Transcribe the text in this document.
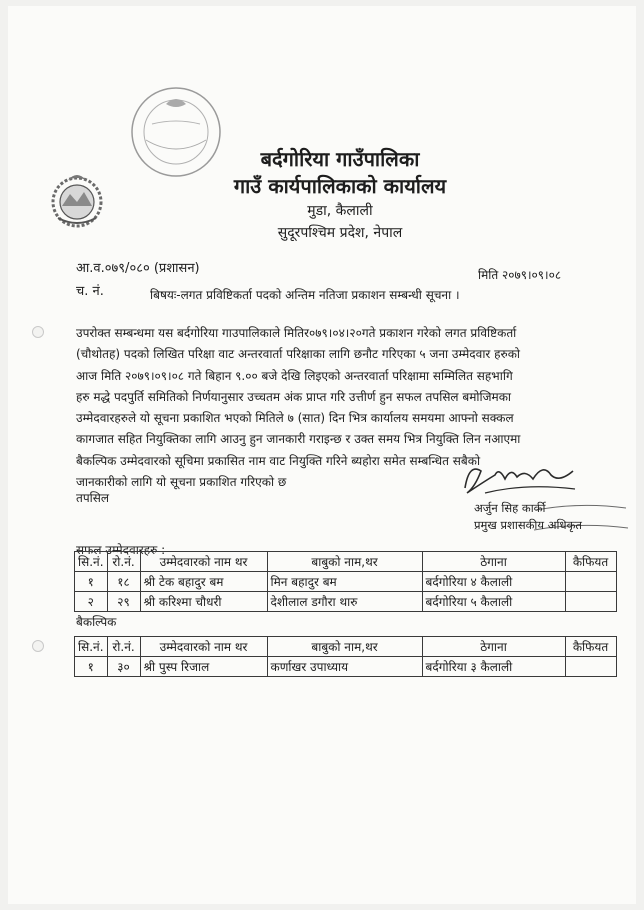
बर्दगोरिया गाउँपालिका
गाउँ कार्यपालिकाको कार्यालय
मुडा, कैलाली
सुदूरपश्चिम प्रदेश, नेपाल
आ.व.०७९/०८० (प्रशासन)
च. नं.
मिति २०७९।०९।०८
बिषयः-लगत प्रविष्टिकर्ता पदको अन्तिम नतिजा प्रकाशन सम्बन्धी सूचना ।
उपरोक्त सम्बन्धमा यस बर्दगोरिया गाउपालिकाले मितिर०७९।०४।२०गते प्रकाशन गरेको लगत प्रविष्टिकर्ता
(चौथोतह) पदको लिखित परिक्षा वाट अन्तरवार्ता परिक्षाका लागि छनौट गरिएका ५ जना उम्मेदवार हरुको
आज मिति २०७९।०९।०८ गते बिहान ९.०० बजे देखि लिइएको अन्तरवार्ता परिक्षामा सम्मिलित सहभागि
हरु मद्धे पदपुर्ति समितिको निर्णयानुसार उच्चतम अंक प्राप्त गरि उत्तीर्ण हुन सफल तपसिल बमोजिमका
उम्मेदवारहरुले यो सूचना प्रकाशित भएको मितिले ७ (सात) दिन भित्र कार्यालय समयमा आफ्नो सक्कल
कागजात सहित नियुक्तिका लागि आउनु हुन जानकारी गराइन्छ र उक्त समय भित्र नियुक्ति लिन नआएमा
बैकल्पिक उम्मेदवारको सूचिमा प्रकासित नाम वाट नियुक्ति गरिने ब्यहोरा समेत सम्बन्धित सबैको
जानकारीको लागि यो सूचना प्रकाशित गरिएको छ
अर्जुन सिह कार्की
प्रमुख प्रशासकीय अधिकृत
तपसिल
सफल उम्मेदवारहरु :
सि.नं.	रो.नं.	उम्मेदवारको नाम थर	बाबुको नाम,थर	ठेगाना	कैफियत
१	१८	श्री टेक बहादुर बम	मिन बहादुर बम	बर्दगोरिया ४ कैलाली	
२	२९	श्री करिश्मा चौधरी	देशीलाल डगौरा थारु	बर्दगोरिया ५ कैलाली	
बैकल्पिक
सि.नं.	रो.नं.	उम्मेदवारको नाम थर	बाबुको नाम,थर	ठेगाना	कैफियत
१	३०	श्री पुस्प रिजाल	कर्णाखर उपाध्याय	बर्दगोरिया ३ कैलाली	
